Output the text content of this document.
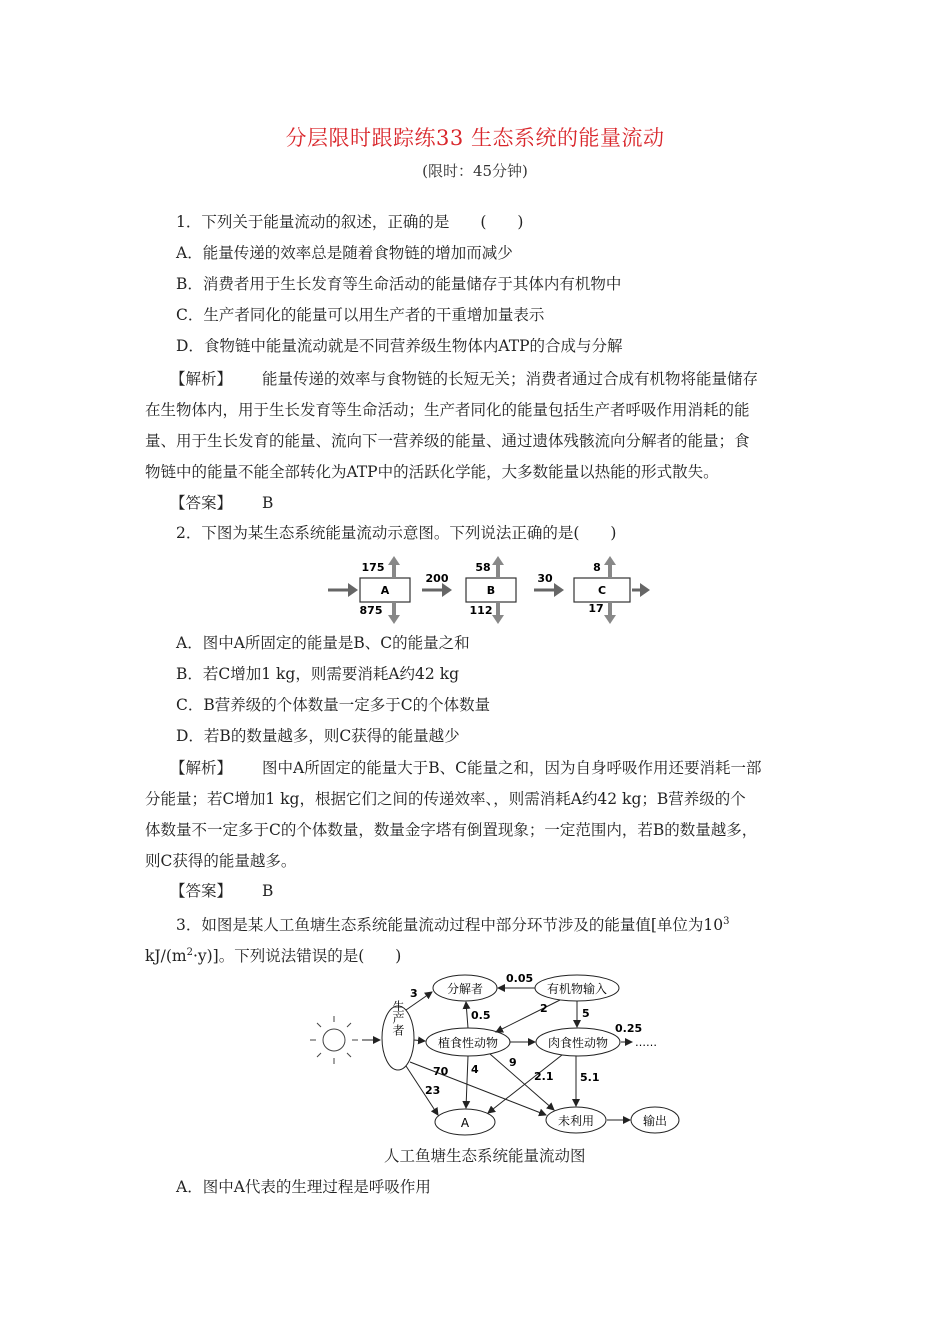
分层限时跟踪练33 生态系统的能量流动
(限时：45分钟)
1．下列关于能量流动的叙述，正确的是　　(　　)
A．能量传递的效率总是随着食物链的增加而减少
B．消费者用于生长发育等生命活动的能量储存于其体内有机物中
C．生产者同化的能量可以用生产者的干重增加量表示
D．食物链中能量流动就是不同营养级生物体内ATP的合成与分解
【解析】 能量传递的效率与食物链的长短无关；消费者通过合成有机物将能量储存
在生物体内，用于生长发育等生命活动；生产者同化的能量包括生产者呼吸作用消耗的能
量、用于生长发育的能量、流向下一营养级的能量、通过遗体残骸流向分解者的能量；食
物链中的能量不能全部转化为ATP中的活跃化学能，大多数能量以热能的形式散失。
【答案】 B
2．下图为某生态系统能量流动示意图。下列说法正确的是(　　)
A
175
875
200
B
58
112
30
C
8
17
A．图中A所固定的能量是B、C的能量之和
B．若C增加1 kg，则需要消耗A约42 kg
C．B营养级的个体数量一定多于C的个体数量
D．若B的数量越多，则C获得的能量越少
【解析】 图中A所固定的能量大于B、C能量之和，因为自身呼吸作用还要消耗一部
分能量；若C增加1 kg，根据它们之间的传递效率、，则需消耗A约42 kg；B营养级的个
体数量不一定多于C的个体数量，数量金字塔有倒置现象；一定范围内，若B的数量越多，
则C获得的能量越多。
【答案】 B
3．如图是某人工鱼塘生态系统能量流动过程中部分环节涉及的能量值[单位为$10^3$
$kJ/(m^2\cdot y)$]。下列说法错误的是(　　)
生产者
分解者	有机物输入
植食性动物	肉食性动物
A	未利用	输出
3
0.05
0.5
2	5
0.25
……
70
23
4
9
2.1 5.1
人工鱼塘生态系统能量流动图
A．图中A代表的生理过程是呼吸作用
